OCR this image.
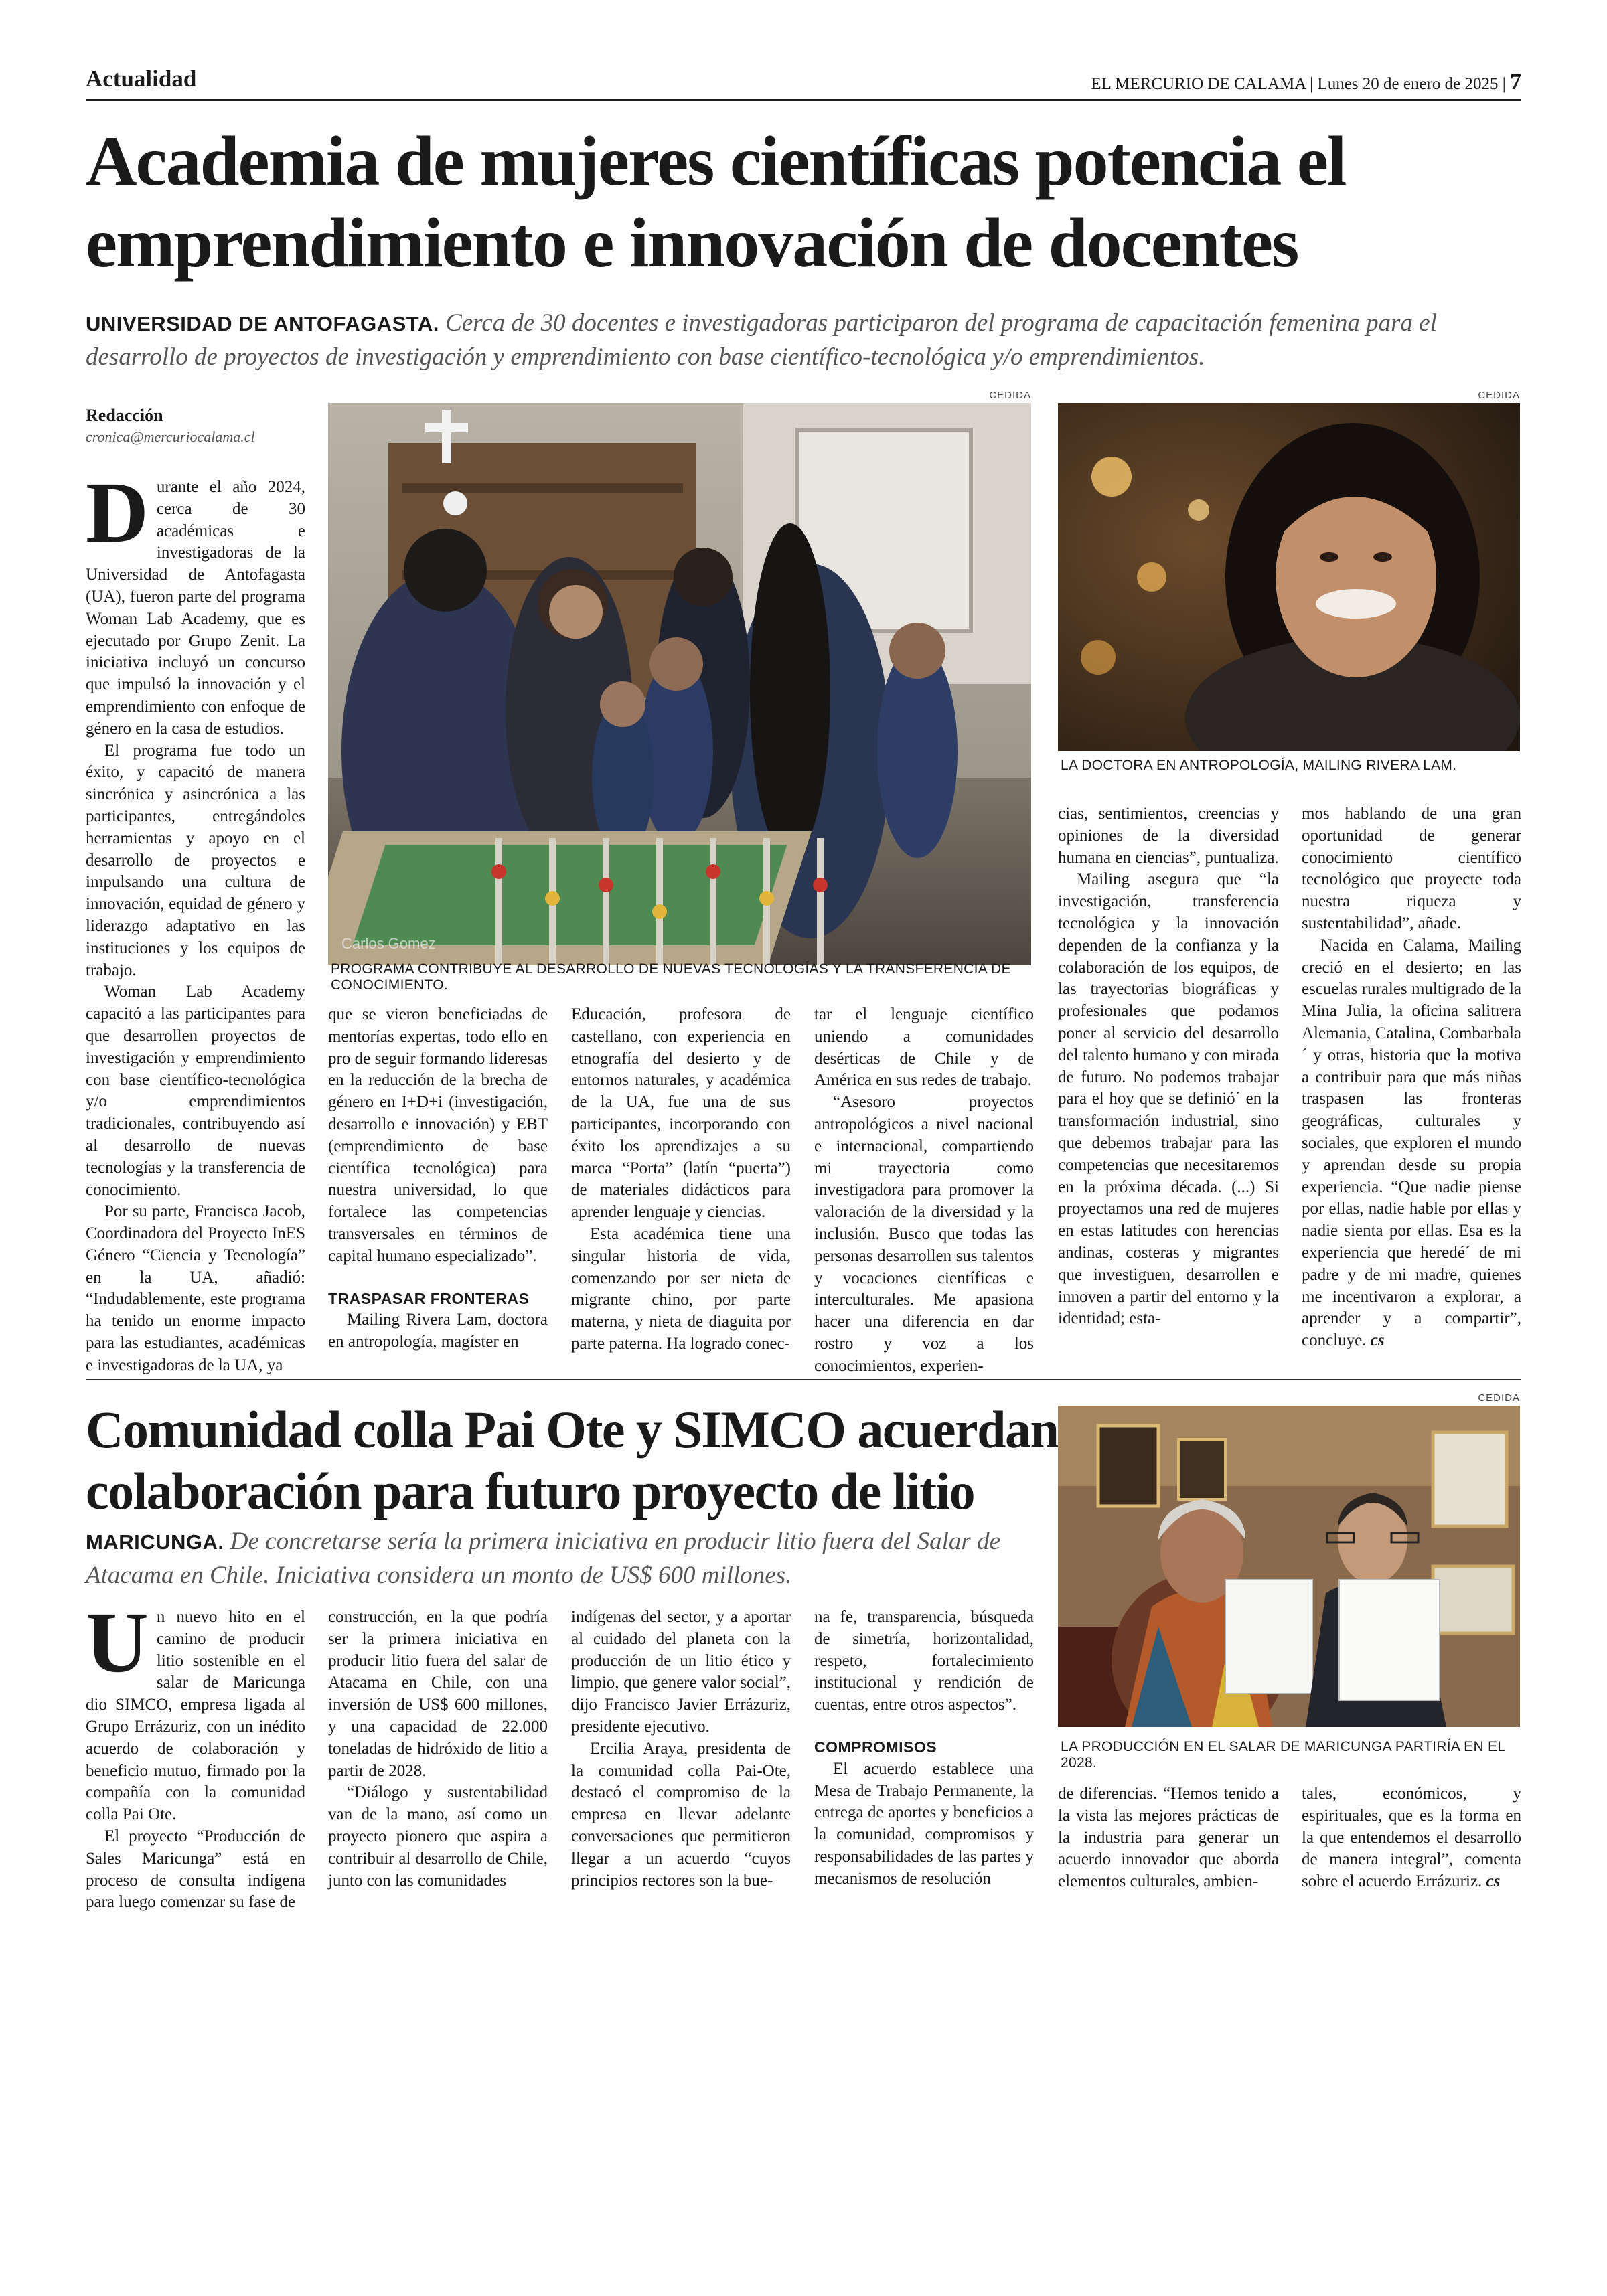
Actualidad	EL MERCURIO DE CALAMA | Lunes 20 de enero de 2025 | 7
Academia de mujeres científicas potencia el
emprendimiento e innovación de docentes
UNIVERSIDAD DE ANTOFAGASTA. Cerca de 30 docentes e investigadoras participaron del programa de capacitación femenina para el desarrollo de proyectos de investigación y emprendimiento con base científico-tecnológica y/o emprendimientos.
Redacción
cronica@mercuriocalama.cl
CEDIDA
Carlos Gomez
PROGRAMA CONTRIBUYE AL DESARROLLO DE NUEVAS TECNOLOGÍAS Y LA TRANSFERENCIA DE CONOCIMIENTO.
CEDIDA
LA DOCTORA EN ANTROPOLOGÍA, MAILING RIVERA LAM.
D urante el año 2024, cerca de 30 académicas e investigadoras de la Universidad de Antofagasta (UA), fueron parte del programa Woman Lab Academy, que es ejecutado por Grupo Zenit. La iniciativa incluyó un concurso que impulsó la innovación y el emprendimiento con enfoque de género en la casa de estudios.

El programa fue todo un éxito, y capacitó de manera sincrónica y asincrónica a las participantes, entregándoles herramientas y apoyo en el desarrollo de proyectos e impulsando una cultura de innovación, equidad de género y liderazgo adaptativo en las instituciones y los equipos de trabajo.

Woman Lab Academy capacitó a las participantes para que desarrollen proyectos de investigación y emprendimiento con base científico-tecnológica y/o emprendimientos tradicionales, contribuyendo así al desarrollo de nuevas tecnologías y la transferencia de conocimiento.

Por su parte, Francisca Jacob, Coordinadora del Proyecto InES Género “Ciencia y Tecnología” en la UA, añadió: “Indudablemente, este programa ha tenido un enorme impacto para las estudiantes, académicas e investigadoras de la UA, ya

que se vieron beneficiadas de mentorías expertas, todo ello en pro de seguir formando lideresas en la reducción de la brecha de género en I+D+i (investigación, desarrollo e innovación) y EBT (emprendimiento de base científica tecnológica) para nuestra universidad, lo que fortalece las competencias transversales en términos de capital humano especializado”.

TRASPASAR FRONTERAS

Mailing Rivera Lam, doctora en antropología, magíster en

Educación, profesora de castellano, con experiencia en etnografía del desierto y de entornos naturales, y académica de la UA, fue una de sus participantes, incorporando con éxito los aprendizajes a su marca “Porta” (latín “puerta”) de materiales didácticos para aprender lenguaje y ciencias.

Esta académica tiene una singular historia de vida, comenzando por ser nieta de migrante chino, por parte materna, y nieta de diaguita por parte paterna. Ha logrado conec-

tar el lenguaje científico uniendo a comunidades desérticas de Chile y de América en sus redes de trabajo.

“Asesoro proyectos antropológicos a nivel nacional e internacional, compartiendo mi trayectoria como investigadora para promover la valoración de la diversidad y la inclusión. Busco que todas las personas desarrollen sus talentos y vocaciones científicas e interculturales. Me apasiona hacer una diferencia en dar rostro y voz a los conocimientos, experien-

cias, sentimientos, creencias y opiniones de la diversidad humana en ciencias”, puntualiza.

Mailing asegura que “la investigación, transferencia tecnológica y la innovación dependen de la confianza y la colaboración de los equipos, de las trayectorias biográficas y profesionales que podamos poner al servicio del desarrollo del talento humano y con mirada de futuro. No podemos trabajar para el hoy que se definió´ en la transformación industrial, sino que debemos trabajar para las competencias que necesitaremos en la próxima década. (...) Si proyectamos una red de mujeres en estas latitudes con herencias andinas, costeras y migrantes que investiguen, desarrollen e innoven a partir del entorno y la identidad; esta-

mos hablando de una gran oportunidad de generar conocimiento científico tecnológico que proyecte toda nuestra riqueza y sustentabilidad”, añade.

Nacida en Calama, Mailing creció en el desierto; en las escuelas rurales multigrado de la Mina Julia, la oficina salitrera Alemania, Catalina, Combarbala´ y otras, historia que la motiva a contribuir para que más niñas traspasen las fronteras geográficas, culturales y sociales, que exploren el mundo y aprendan desde su propia experiencia. “Que nadie piense por ellas, nadie hable por ellas y nadie sienta por ellas. Esa es la experiencia que heredé´ de mi padre y de mi madre, quienes me incentivaron a explorar, a aprender y a compartir”, concluye. cs

Comunidad colla Pai Ote y SIMCO acuerdan
colaboración para futuro proyecto de litio
MARICUNGA. De concretarse sería la primera iniciativa en producir litio fuera del Salar de Atacama en Chile. Iniciativa considera un monto de US$ 600 millones.
CEDIDA
LA PRODUCCIÓN EN EL SALAR DE MARICUNGA PARTIRÍA EN EL 2028.
U n nuevo hito en el camino de producir litio sostenible en el salar de Maricunga dio SIMCO, empresa ligada al Grupo Errázuriz, con un inédito acuerdo de colaboración y beneficio mutuo, firmado por la compañía con la comunidad colla Pai Ote.

El proyecto “Producción de Sales Maricunga” está en proceso de consulta indígena para luego comenzar su fase de

construcción, en la que podría ser la primera iniciativa en producir litio fuera del salar de Atacama en Chile, con una inversión de US$ 600 millones, y una capacidad de 22.000 toneladas de hidróxido de litio a partir de 2028.

“Diálogo y sustentabilidad van de la mano, así como un proyecto pionero que aspira a contribuir al desarrollo de Chile, junto con las comunidades

indígenas del sector, y a aportar al cuidado del planeta con la producción de un litio ético y limpio, que genere valor social”, dijo Francisco Javier Errázuriz, presidente ejecutivo.

Ercilia Araya, presidenta de la comunidad colla Pai-Ote, destacó el compromiso de la empresa en llevar adelante conversaciones que permitieron llegar a un acuerdo “cuyos principios rectores son la bue-

na fe, transparencia, búsqueda de simetría, horizontalidad, respeto, fortalecimiento institucional y rendición de cuentas, entre otros aspectos”.

COMPROMISOS

El acuerdo establece una Mesa de Trabajo Permanente, la entrega de aportes y beneficios a la comunidad, compromisos y responsabilidades de las partes y mecanismos de resolución

de diferencias. “Hemos tenido a la vista las mejores prácticas de la industria para generar un acuerdo innovador que aborda elementos culturales, ambien-

tales, económicos, y espirituales, que es la forma en la que entendemos el desarrollo de manera integral”, comenta sobre el acuerdo Errázuriz. cs
